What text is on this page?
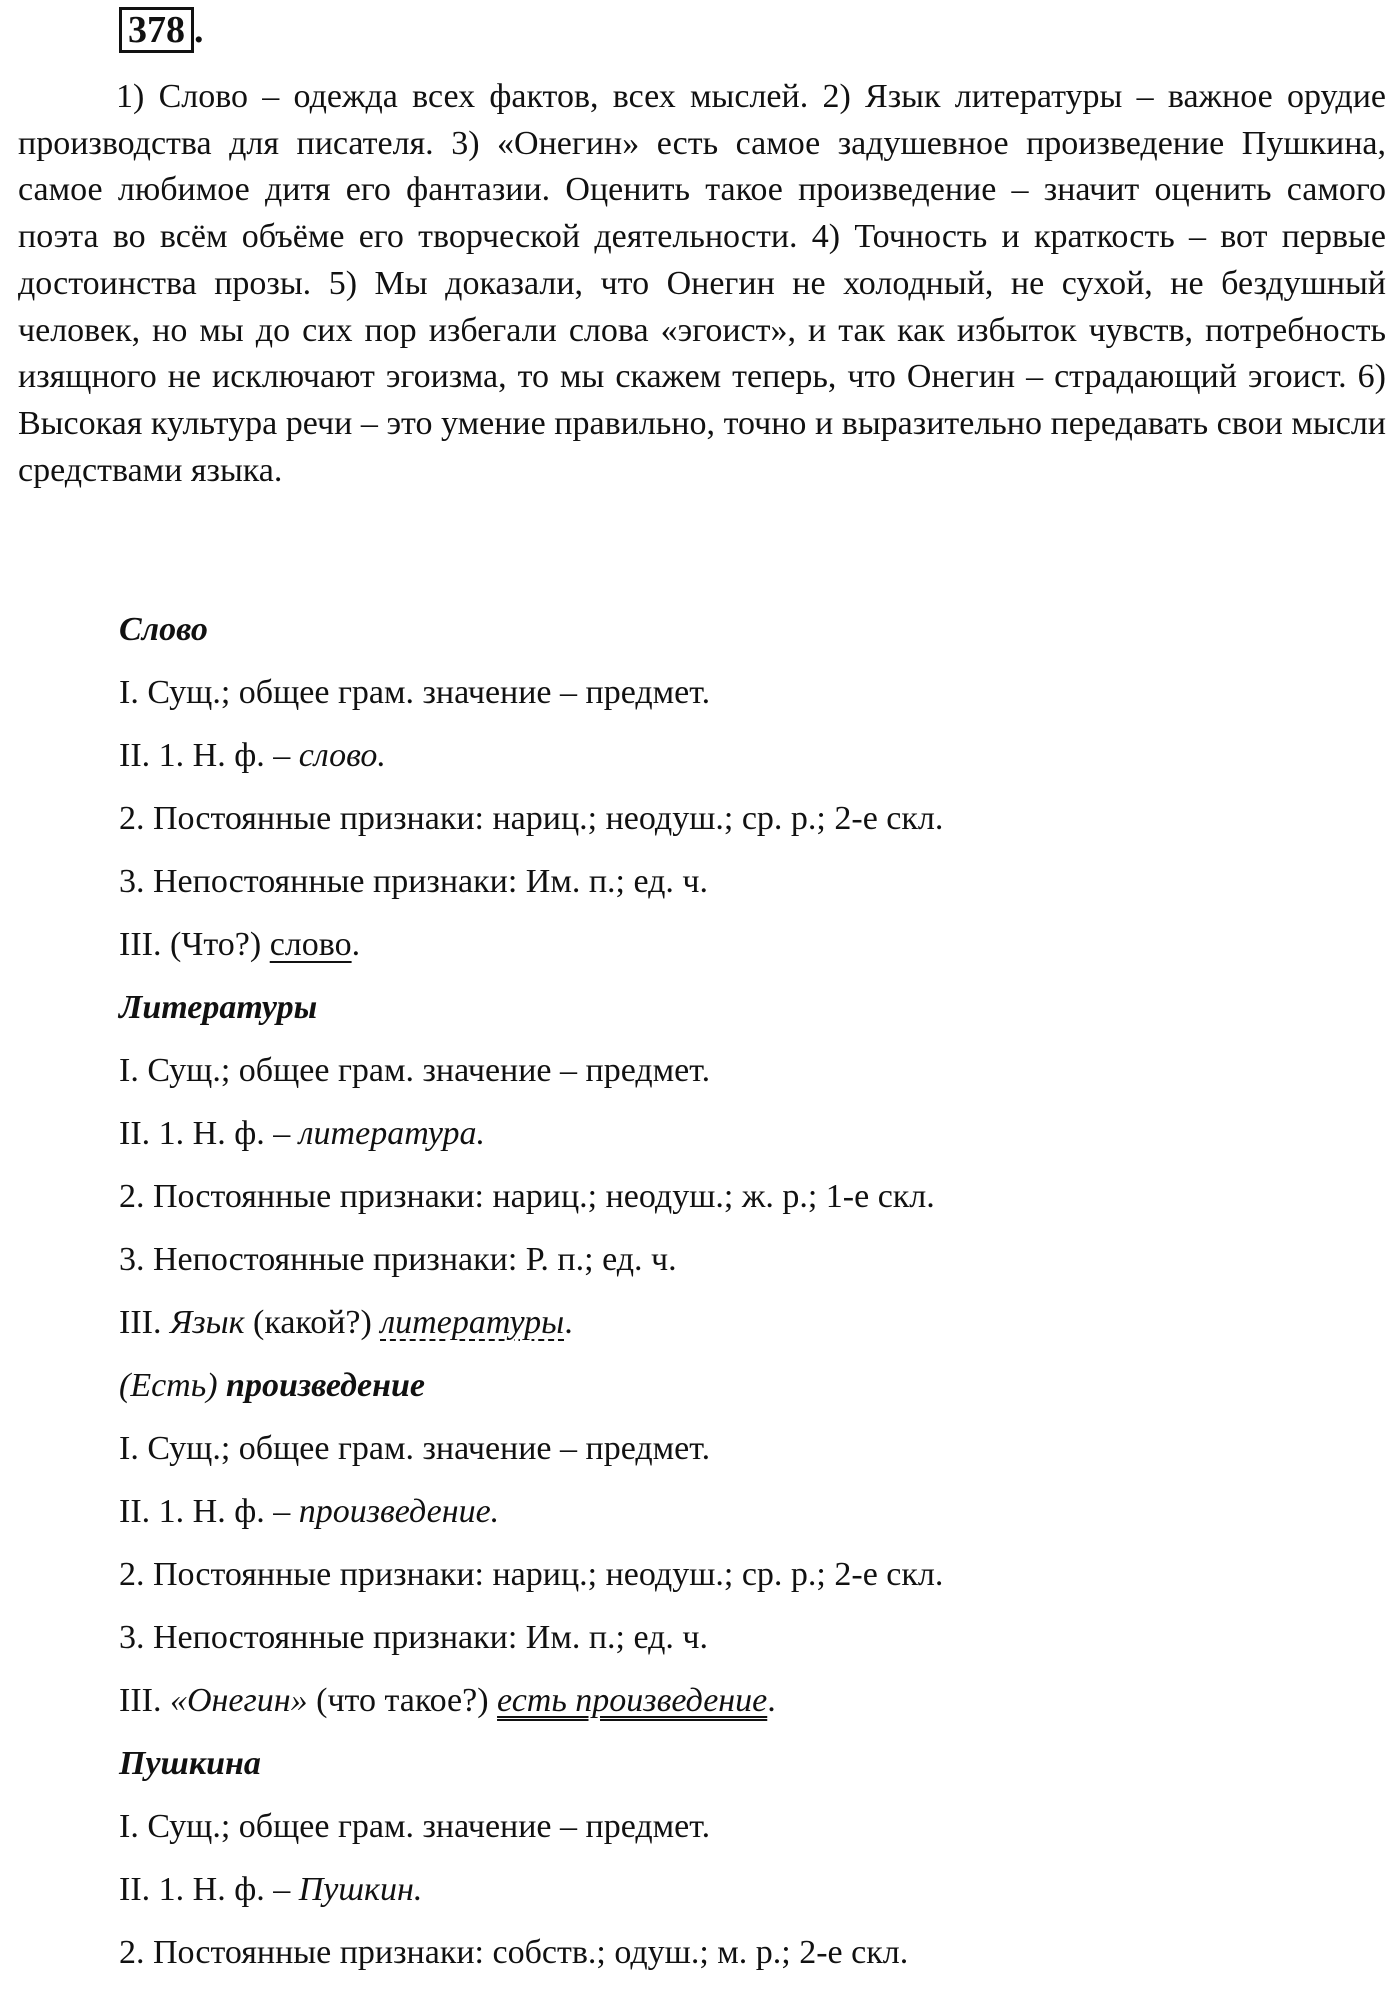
378 .

1) Слово – одежда всех фактов, всех мыслей. 2) Язык литературы – важное орудие производства для писателя. 3) «Онегин» есть самое задушевное произведение Пушкина, самое любимое дитя его фантазии. Оценить такое произведение – значит оценить самого поэта во всём объёме его творческой деятельности. 4) Точность и краткость – вот первые достоинства прозы. 5) Мы доказали, что Онегин не холодный, не сухой, не бездушный человек, но мы до сих пор избегали слова «эгоист», и так как избыток чувств, потребность изящного не исключают эгоизма, то мы скажем теперь, что Онегин – страдающий эгоист. 6) Высокая культура речи – это умение правильно, точно и выразительно передавать свои мысли средствами языка.

Слово
I. Сущ.; общее грам. значение – предмет.
II. 1. Н. ф. – слово.
2. Постоянные признаки: нариц.; неодуш.; ср. р.; 2-е скл.
3. Непостоянные признаки: Им. п.; ед. ч.
III. (Что?) слово.
Литературы
I. Сущ.; общее грам. значение – предмет.
II. 1. Н. ф. – литература.
2. Постоянные признаки: нариц.; неодуш.; ж. р.; 1-е скл.
3. Непостоянные признаки: Р. п.; ед. ч.
III. Язык (какой?) литературы.
(Есть) произведение
I. Сущ.; общее грам. значение – предмет.
II. 1. Н. ф. – произведение.
2. Постоянные признаки: нариц.; неодуш.; ср. р.; 2-е скл.
3. Непостоянные признаки: Им. п.; ед. ч.
III. «Онегин» (что такое?) есть произведение.
Пушкина
I. Сущ.; общее грам. значение – предмет.
II. 1. Н. ф. – Пушкин.
2. Постоянные признаки: собств.; одуш.; м. р.; 2-е скл.
